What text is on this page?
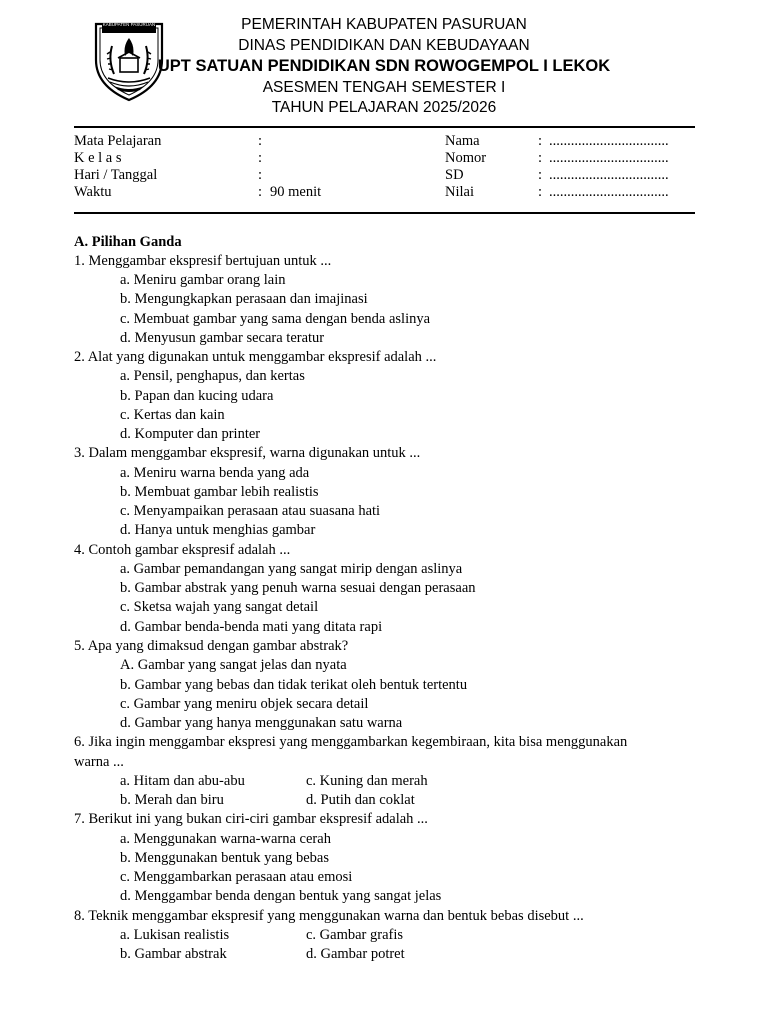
KABUPATEN PASURUAN	PEMERINTAH KABUPATEN PASURUAN
DINAS PENDIDIKAN DAN KEBUDAYAAN
UPT SATUAN PENDIDIKAN SDN ROWOGEMPOL I LEKOK
ASESMEN TENGAH SEMESTER I
TAHUN PELAJARAN 2025/2026
Mata Pelajaran	:	Nama	: .................................
K e l a s	:	Nomor	: .................................
Hari / Tanggal	:	SD	: .................................
Waktu	: 90 menit	Nilai	: .................................
A. Pilihan Ganda
1. Menggambar ekspresif bertujuan untuk ...
a. Meniru gambar orang lain
b. Mengungkapkan perasaan dan imajinasi
c. Membuat gambar yang sama dengan benda aslinya
d. Menyusun gambar secara teratur
2. Alat yang digunakan untuk menggambar ekspresif adalah ...
a. Pensil, penghapus, dan kertas
b. Papan dan kucing udara
c. Kertas dan kain
d. Komputer dan printer
3. Dalam menggambar ekspresif, warna digunakan untuk ...
a. Meniru warna benda yang ada
b. Membuat gambar lebih realistis
c. Menyampaikan perasaan atau suasana hati
d. Hanya untuk menghias gambar
4. Contoh gambar ekspresif adalah ...
a. Gambar pemandangan yang sangat mirip dengan aslinya
b. Gambar abstrak yang penuh warna sesuai dengan perasaan
c. Sketsa wajah yang sangat detail
d. Gambar benda-benda mati yang ditata rapi
5. Apa yang dimaksud dengan gambar abstrak?
A. Gambar yang sangat jelas dan nyata
b. Gambar yang bebas dan tidak terikat oleh bentuk tertentu
c. Gambar yang meniru objek secara detail
d. Gambar yang hanya menggunakan satu warna
6. Jika ingin menggambar ekspresi yang menggambarkan kegembiraan, kita bisa menggunakan
warna ...
a. Hitam dan abu-abu	c. Kuning dan merah
b. Merah dan biru	d. Putih dan coklat
7. Berikut ini yang bukan ciri-ciri gambar ekspresif adalah ...
a. Menggunakan warna-warna cerah
b. Menggunakan bentuk yang bebas
c. Menggambarkan perasaan atau emosi
d. Menggambar benda dengan bentuk yang sangat jelas
8. Teknik menggambar ekspresif yang menggunakan warna dan bentuk bebas disebut ...
a. Lukisan realistis	c. Gambar grafis
b. Gambar abstrak	d. Gambar potret
